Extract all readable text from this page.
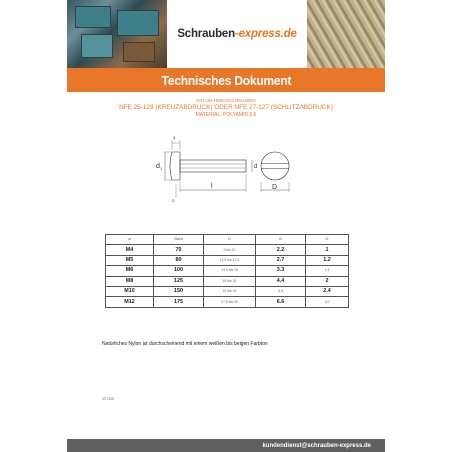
Schrauben-express.de
Technisches Dokument
NYLON-HEBOSCHRAUBEN
NFE 25-129 (KREUZABDRUCK) ODER NFE 27-127 (SCHLITZABDRUCK)
MATERIAL: POLYAMID 6.6
d 1	d
l	D
l1
l2
⌀	Nicht	D	l1	l2
M4	70	9 bis 10	2.2	1
M5	80	11,5 bis 12,5	2.7	1.2
M6	100	13,5 bis 15	3.3	1.5
M8	125	18 bis 20	4.4	2
M10	150	22 bis 25	5.5	2.4
M12	175	27,5 bis 30	6.6	3,0
Natürliches Nylon ist durchscheinend mit einem weißen bis beigen Farbton
V07300
kundendienst@schrauben-express.de
